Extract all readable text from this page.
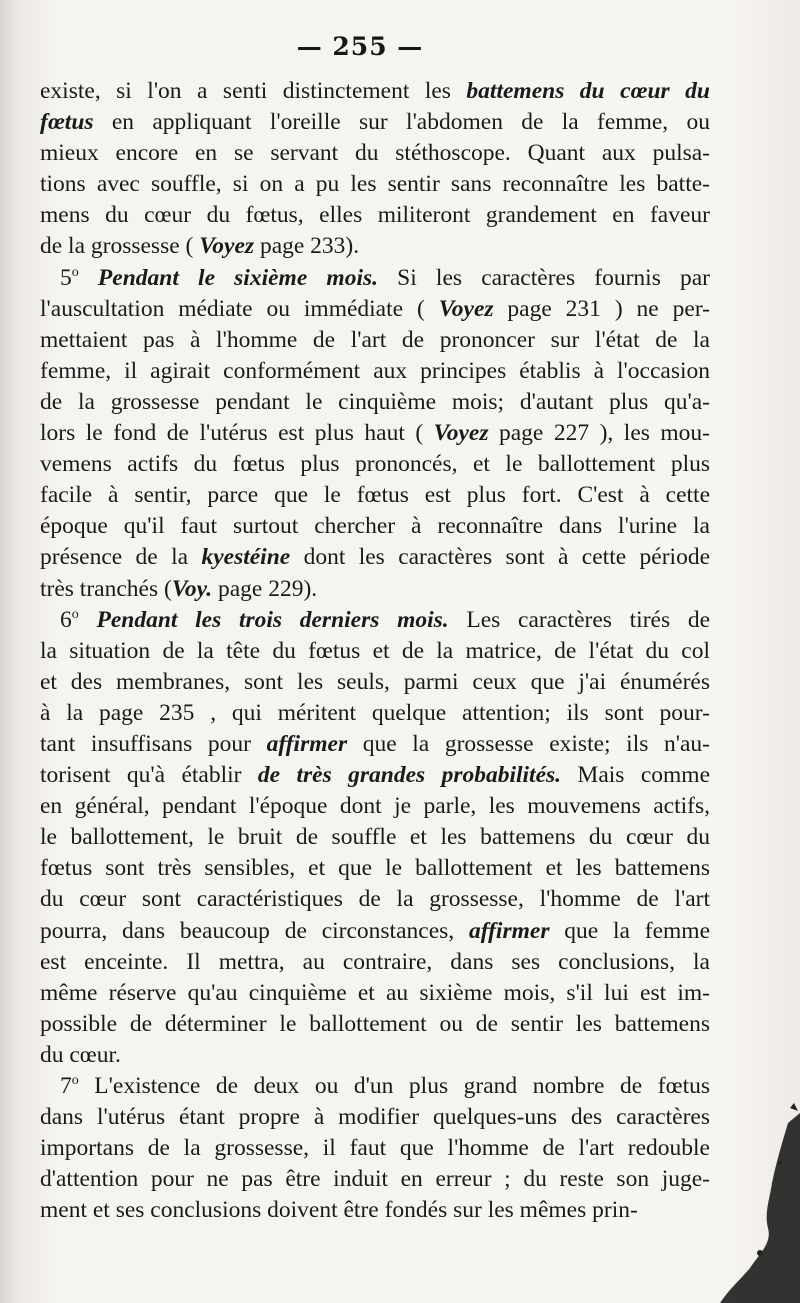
— 255 —
existe, si l'on a senti distinctement les battemens du cœur du
fœtus en appliquant l'oreille sur l'abdomen de la femme, ou
mieux encore en se servant du stéthoscope. Quant aux pulsa-
tions avec souffle, si on a pu les sentir sans reconnaître les batte-
mens du cœur du fœtus, elles militeront grandement en faveur
de la grossesse ( Voyez page 233).
5$^o$ Pendant le sixième mois. Si les caractères fournis par
l'auscultation médiate ou immédiate ( Voyez page 231 ) ne per-
mettaient pas à l'homme de l'art de prononcer sur l'état de la
femme, il agirait conformément aux principes établis à l'occasion
de la grossesse pendant le cinquième mois; d'autant plus qu'a-
lors le fond de l'utérus est plus haut ( Voyez page 227 ), les mou-
vemens actifs du fœtus plus prononcés, et le ballottement plus
facile à sentir, parce que le fœtus est plus fort. C'est à cette
époque qu'il faut surtout chercher à reconnaître dans l'urine la
présence de la kyestéine dont les caractères sont à cette période
très tranchés (Voy. page 229).
6$^o$ Pendant les trois derniers mois. Les caractères tirés de
la situation de la tête du fœtus et de la matrice, de l'état du col
et des membranes, sont les seuls, parmi ceux que j'ai énumérés
à la page 235 , qui méritent quelque attention; ils sont pour-
tant insuffisans pour affirmer que la grossesse existe; ils n'au-
torisent qu'à établir de très grandes probabilités. Mais comme
en général, pendant l'époque dont je parle, les mouvemens actifs,
le ballottement, le bruit de souffle et les battemens du cœur du
fœtus sont très sensibles, et que le ballottement et les battemens
du cœur sont caractéristiques de la grossesse, l'homme de l'art
pourra, dans beaucoup de circonstances, affirmer que la femme
est enceinte. Il mettra, au contraire, dans ses conclusions, la
même réserve qu'au cinquième et au sixième mois, s'il lui est im-
possible de déterminer le ballottement ou de sentir les battemens
du cœur.
7$^o$ L'existence de deux ou d'un plus grand nombre de fœtus
dans l'utérus étant propre à modifier quelques-uns des caractères
importans de la grossesse, il faut que l'homme de l'art redouble
d'attention pour ne pas être induit en erreur ; du reste son juge-
ment et ses conclusions doivent être fondés sur les mêmes prin-
